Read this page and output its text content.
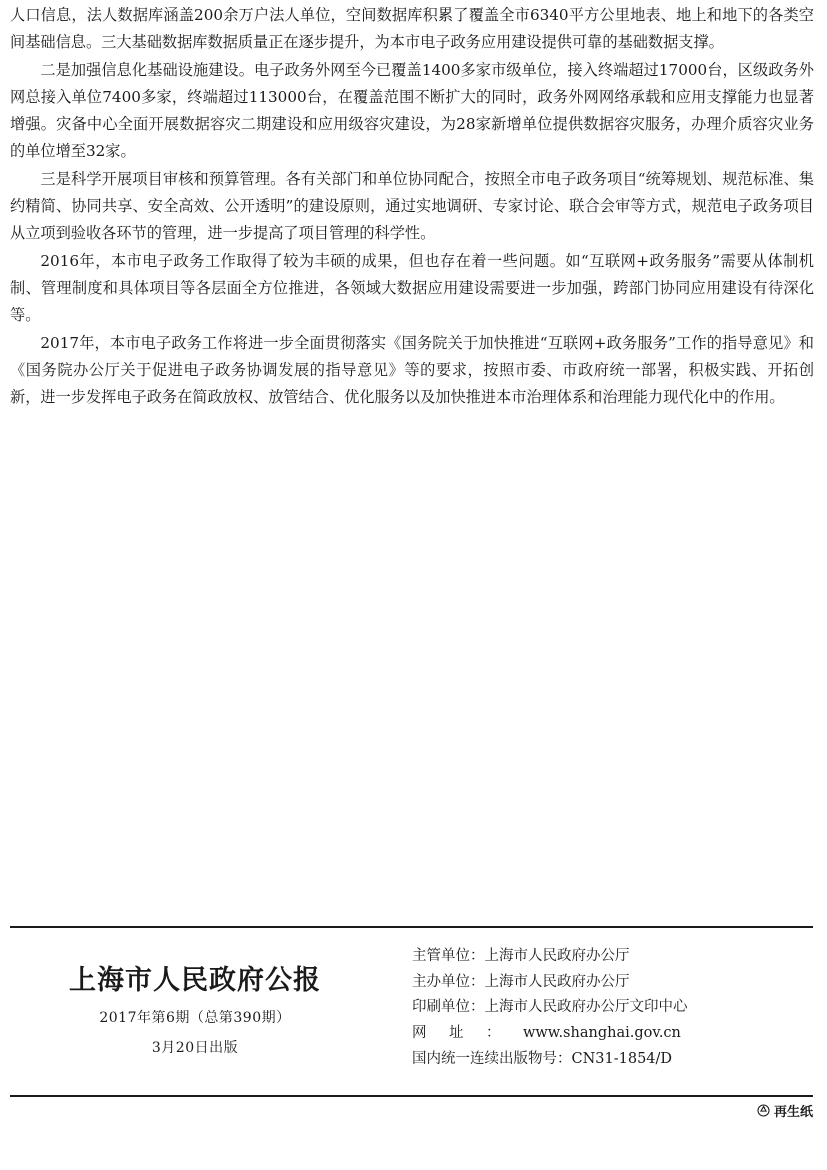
人口信息，法人数据库涵盖200余万户法人单位，空间数据库积累了覆盖全市6340平方公里地表、地上和地下的各类空间基础信息。三大基础数据库数据质量正在逐步提升，为本市电子政务应用建设提供可靠的基础数据支撑。

二是加强信息化基础设施建设。电子政务外网至今已覆盖1400多家市级单位，接入终端超过17000台，区级政务外网总接入单位7400多家，终端超过113000台，在覆盖范围不断扩大的同时，政务外网网络承载和应用支撑能力也显著增强。灾备中心全面开展数据容灾二期建设和应用级容灾建设，为28家新增单位提供数据容灾服务，办理介质容灾业务的单位增至32家。

三是科学开展项目审核和预算管理。各有关部门和单位协同配合，按照全市电子政务项目“统筹规划、规范标准、集约精简、协同共享、安全高效、公开透明”的建设原则，通过实地调研、专家讨论、联合会审等方式，规范电子政务项目从立项到验收各环节的管理，进一步提高了项目管理的科学性。

2016年，本市电子政务工作取得了较为丰硕的成果，但也存在着一些问题。如“互联网+政务服务”需要从体制机制、管理制度和具体项目等各层面全方位推进，各领域大数据应用建设需要进一步加强，跨部门协同应用建设有待深化等。

2017年，本市电子政务工作将进一步全面贯彻落实《国务院关于加快推进“互联网+政务服务”工作的指导意见》和《国务院办公厅关于促进电子政务协调发展的指导意见》等的要求，按照市委、市政府统一部署，积极实践、开拓创新，进一步发挥电子政务在简政放权、放管结合、优化服务以及加快推进本市治理体系和治理能力现代化中的作用。

上海市人民政府公报
2017年第6期（总第390期）
3月20日出版
主管单位：上海市人民政府办公厅
主办单位：上海市人民政府办公厅
印刷单位：上海市人民政府办公厅文印中心
网址：www.shanghai.gov.cn
国内统一连续出版物号：CN31-1854/D
再生纸
